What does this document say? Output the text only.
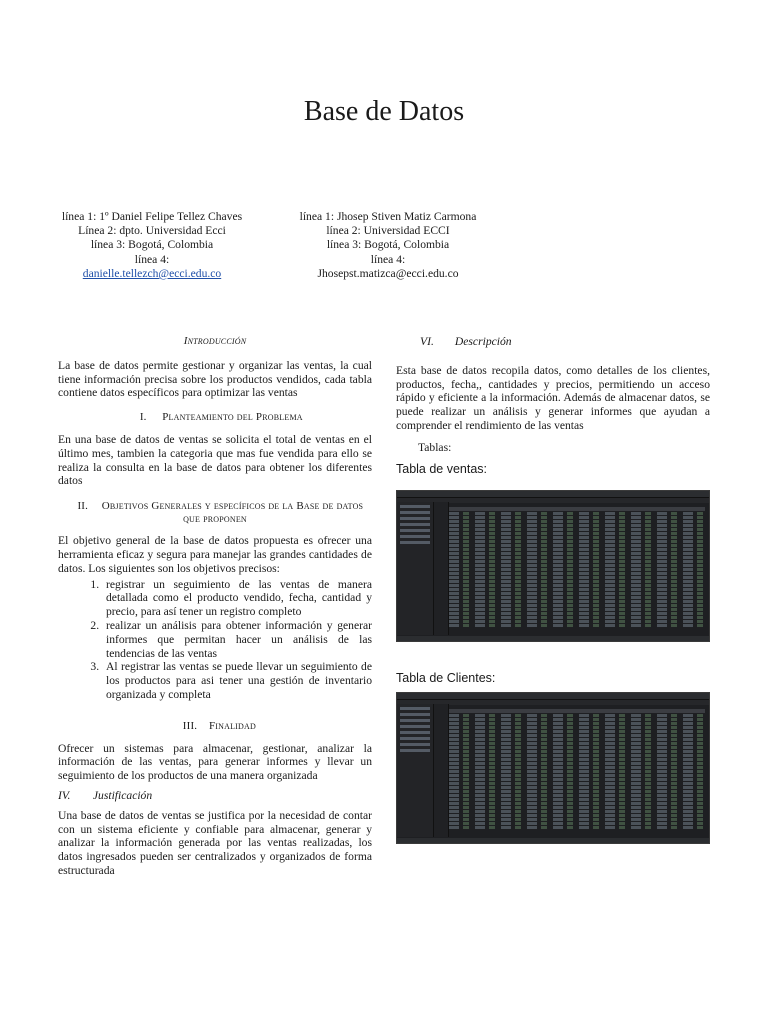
Base de Datos
línea 1: 1º Daniel Felipe Tellez Chaves
Línea 2: dpto. Universidad Ecci
línea 3: Bogotá, Colombia
línea 4:
danielle.tellezch@ecci.edu.co
línea 1: Jhosep Stiven Matiz Carmona
línea 2: Universidad ECCI
línea 3: Bogotá, Colombia
línea 4:
Jhosepst.matizca@ecci.edu.co
Introducción

La base de datos permite gestionar y organizar las ventas, la cual tiene información precisa sobre los productos vendidos, cada tabla contiene datos específicos para optimizar las ventas

I. Planteamiento del Problema

En una base de datos de ventas se solicita el total de ventas en el último mes, tambien la categoria que mas fue vendida para ello se realiza la consulta en la base de datos para obtener los diferentes datos

II. Objetivos Generales y específicos de la Base de datos que proponen

El objetivo general de la base de datos propuesta es ofrecer una herramienta eficaz y segura para manejar las grandes cantidades de datos. Los siguientes son los objetivos precisos:

1. registrar un seguimiento de las ventas de manera detallada como el producto vendido, fecha, cantidad y precio, para así tener un registro completo
2. realizar un análisis para obtener información y generar informes que permitan hacer un análisis de las tendencias de las ventas
3. Al registrar las ventas se puede llevar un seguimiento de los productos para asi tener una gestión de inventario organizada y completa
III. Finalidad

Ofrecer un sistemas para almacenar, gestionar, analizar la información de las ventas, para generar informes y llevar un seguimiento de los productos de una manera organizada

IV. Justificación

Una base de datos de ventas se justifica por la necesidad de contar con un sistema eficiente y confiable para almacenar, generar y analizar la información generada por las ventas realizadas, los datos ingresados pueden ser centralizados y organizados de forma estructurada

VI. Descripción

Esta base de datos recopila datos, como detalles de los clientes, productos, fecha,, cantidades y precios, permitiendo un acceso rápido y eficiente a la información. Además de almacenar datos, se puede realizar un análisis y generar informes que ayudan a comprender el rendimiento de las ventas

Tablas:
Tabla de ventas:
Tabla de Clientes:
